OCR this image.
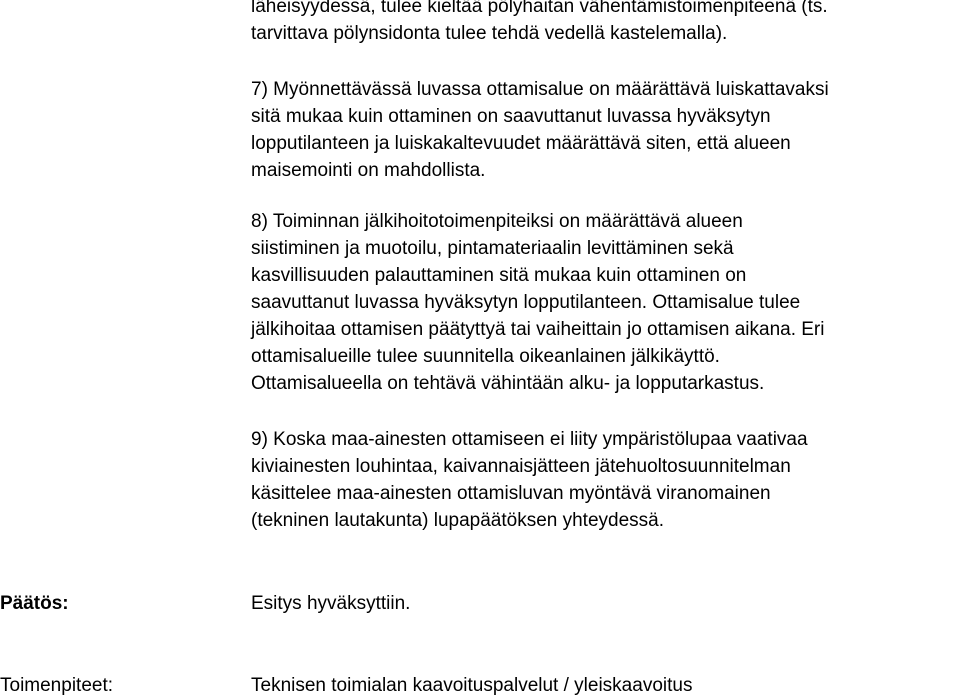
läheisyydessä, tulee kieltää pölyhaitan vähentämistoimenpiteenä (ts.
tarvittava pölynsidonta tulee tehdä vedellä kastelemalla).

7) Myönnettävässä luvassa ottamisalue on määrättävä luiskattavaksi
sitä mukaa kuin ottaminen on saavuttanut luvassa hyväksytyn
lopputilanteen ja luiskakaltevuudet määrättävä siten, että alueen
maisemointi on mahdollista.

8) Toiminnan jälkihoitotoimenpiteiksi on määrättävä alueen
siistiminen ja muotoilu, pintamateriaalin levittäminen sekä
kasvillisuuden palauttaminen sitä mukaa kuin ottaminen on
saavuttanut luvassa hyväksytyn lopputilanteen. Ottamisalue tulee
jälkihoitaa ottamisen päätyttyä tai vaiheittain jo ottamisen aikana. Eri
ottamisalueille tulee suunnitella oikeanlainen jälkikäyttö.
Ottamisalueella on tehtävä vähintään alku- ja lopputarkastus.

9) Koska maa-ainesten ottamiseen ei liity ympäristölupaa vaativaa
kiviainesten louhintaa, kaivannaisjätteen jätehuoltosuunnitelman
käsittelee maa-ainesten ottamisluvan myöntävä viranomainen
(tekninen lautakunta) lupapäätöksen yhteydessä.

Päätös:	Esitys hyväksyttiin.

Toimenpiteet:	Teknisen toimialan kaavoituspalvelut / yleiskaavoitus
